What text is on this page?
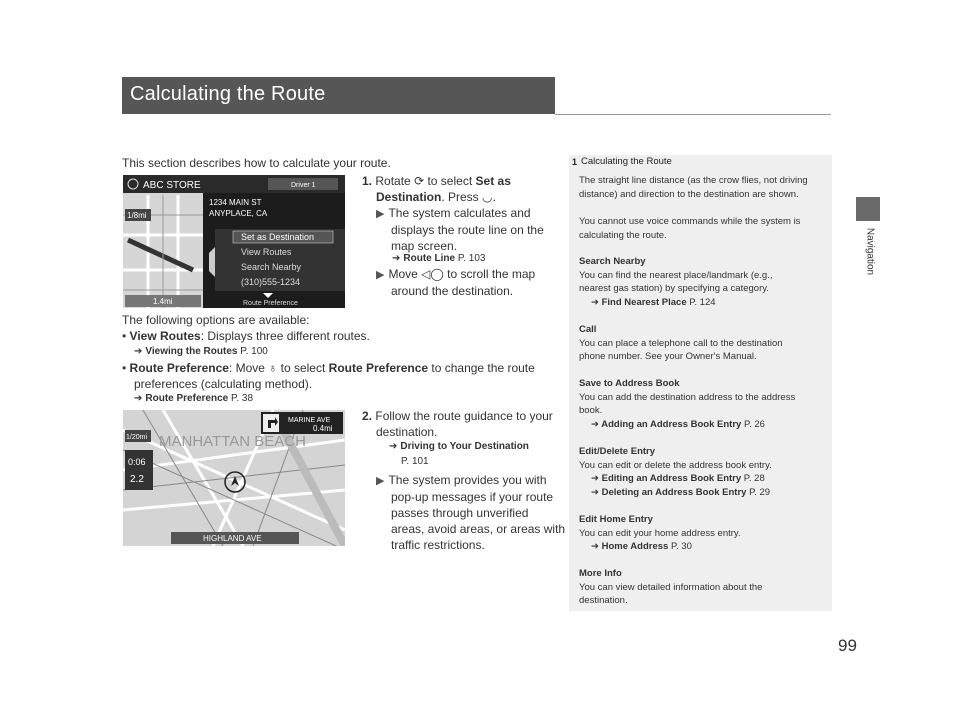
Calculating the Route
Navigation
99
This section describes how to calculate your route.
ABC STORE	Driver 1
1/8mi
1234 MAIN ST
ANYPLACE, CA
Set as Destination
View Routes
Search Nearby
(310)555-1234
Route Preference
1.4mi
1. Rotate ⟳ to select Set as
Destination. Press ◡.
▶ The system calculates and
displays the route line on the
map screen.
➔ Route Line P. 103
▶ Move ◁◯ to scroll the map
around the destination.
The following options are available:
• View Routes: Displays three different routes.
➔ Viewing the Routes P. 100
• Route Preference: Move ♁ to select Route Preference to change the route
preferences (calculating method).
➔ Route Preference P. 38
MARINE AVE
0.4mi
1/20mi
0:06
2.2
MANHATTAN BEACH
HIGHLAND AVE
2. Follow the route guidance to your
destination.
➔ Driving to Your Destination
P. 101
▶ The system provides you with
pop-up messages if your route
passes through unverified
areas, avoid areas, or areas with
traffic restrictions.
1 Calculating the Route
The straight line distance (as the crow flies, not driving
distance) and direction to the destination are shown.
You cannot use voice commands while the system is
calculating the route.
Search Nearby
You can find the nearest place/landmark (e.g.,
nearest gas station) by specifying a category.
➔ Find Nearest Place P. 124
Call
You can place a telephone call to the destination
phone number. See your Owner's Manual.
Save to Address Book
You can add the destination address to the address
book.
➔ Adding an Address Book Entry P. 26
Edit/Delete Entry
You can edit or delete the address book entry.
➔ Editing an Address Book Entry P. 28
➔ Deleting an Address Book Entry P. 29
Edit Home Entry
You can edit your home address entry.
➔ Home Address P. 30
More Info
You can view detailed information about the
destination.
